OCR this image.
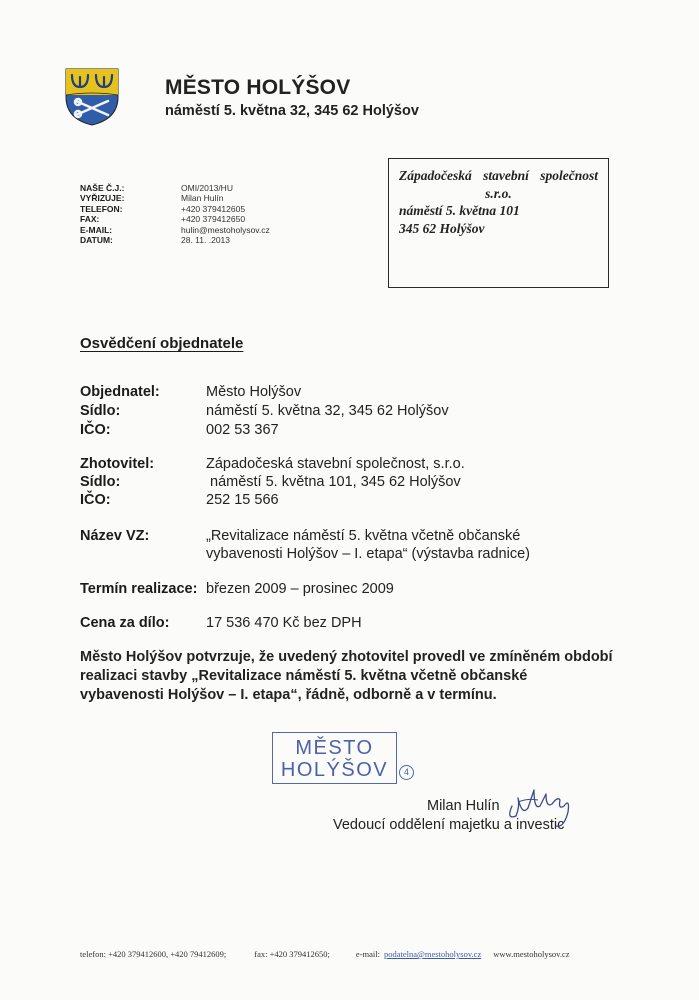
MĚSTO HOLÝŠOV
náměstí 5. května 32, 345 62 Holýšov
NAŠE Č.J.:	OMI/2013/HU
VYŘIZUJE:	Milan Hulín
TELEFON:	+420 379412605
FAX:	+420 379412650
E-MAIL:	hulin@mestoholysov.cz
DATUM:	28. 11. .2013
Západočeská stavební společnost
s.r.o.
náměstí 5. května 101
345 62 Holýšov
Osvědčení objednatele
Objednatel:	Město Holýšov
Sídlo:	náměstí 5. května 32, 345 62 Holýšov
IČO:	002 53 367
Zhotovitel:	Západočeská stavební společnost, s.r.o.
Sídlo:	náměstí 5. května 101, 345 62 Holýšov
IČO:	252 15 566
Název VZ:	„Revitalizace náměstí 5. května včetně občanské
vybavenosti Holýšov – I. etapa“ (výstavba radnice)
Termín realizace: březen 2009 – prosinec 2009
Cena za dílo:	17 536 470 Kč bez DPH
Město Holýšov potvrzuje, že uvedený zhotovitel provedl ve zmíněném období
realizaci stavby „Revitalizace náměstí 5. května včetně občanské
vybavenosti Holýšov – I. etapa“, řádně, odborně a v termínu.
MĚSTO
HOLÝŠOV	4
Milan Hulín
Vedoucí oddělení majetku a investic
telefon: +420 379412600, +420 79412609;	fax: +420 379412650;	e-mail: podatelna@mestoholysov.cz www.mestoholysov.cz
